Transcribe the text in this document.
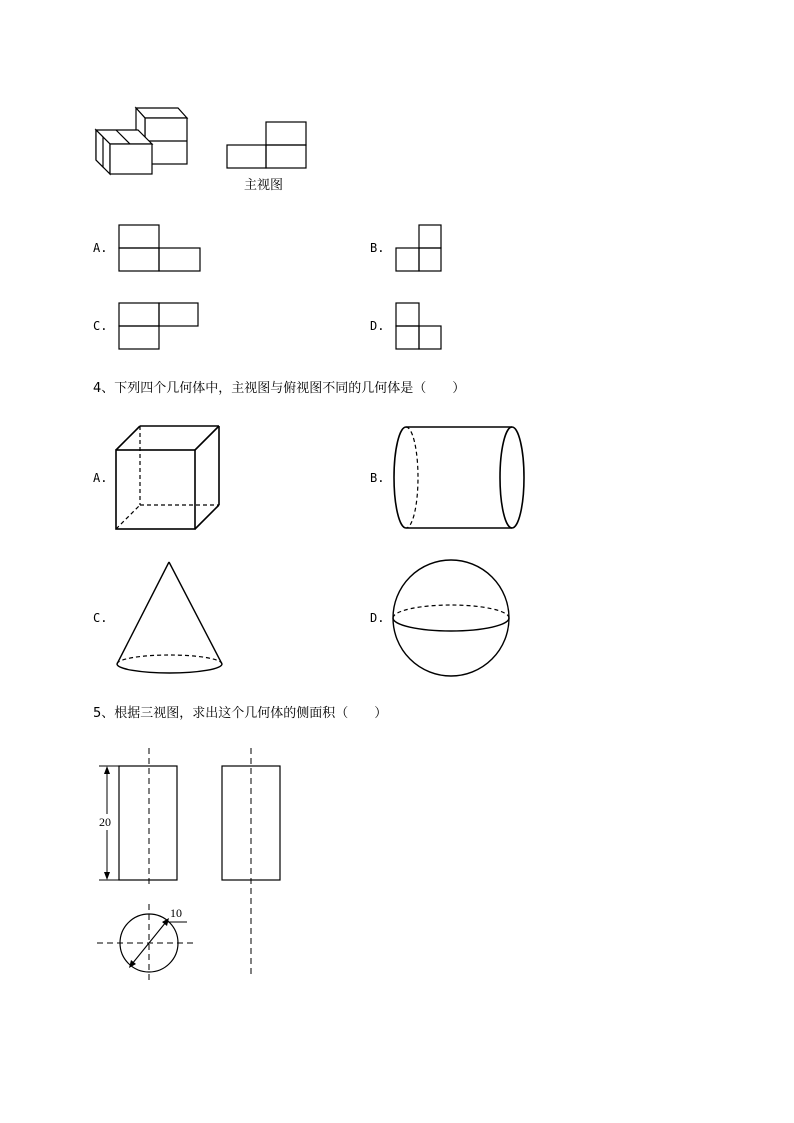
主视图
A.	B.
C.	D.
4、下列四个几何体中，主视图与俯视图不同的几何体是（　　）
A.	B.
C.	D.
5、根据三视图，求出这个几何体的侧面积（　　）
20
10
